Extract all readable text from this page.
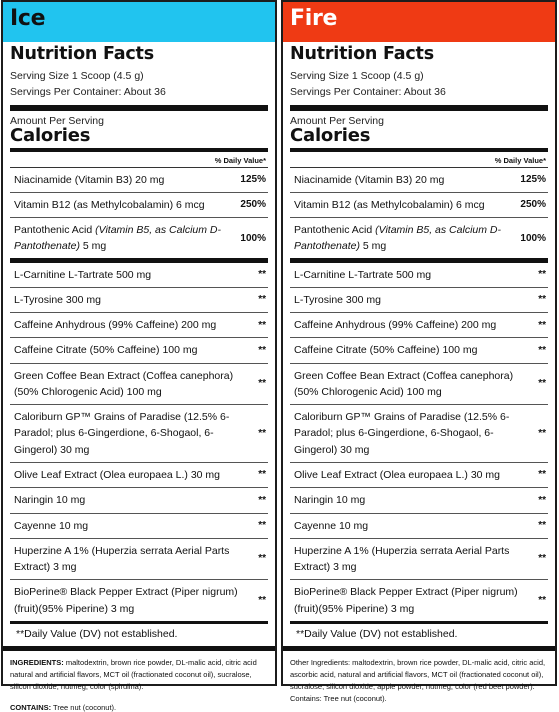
Ice
Nutrition Facts
Serving Size 1 Scoop (4.5 g)
Servings Per Container: About 36
Amount Per Serving
Calories
% Daily Value*
Niacinamide (Vitamin B3) 20 mg	125%
Vitamin B12 (as Methylcobalamin) 6 mcg	250%
Pantothenic Acid (Vitamin B5, as Calcium D-Pantothenate) 5 mg
100%
L-Carnitine L-Tartrate 500 mg	**
L-Tyrosine 300 mg	**
Caffeine Anhydrous (99% Caffeine) 200 mg	**
Caffeine Citrate (50% Caffeine) 100 mg	**
Green Coffee Bean Extract (Coffea canephora) (50% Chlorogenic Acid) 100 mg
**
Caloriburn GP™ Grains of Paradise (12.5% 6-Paradol; plus 6-Gingerdione, 6-Shogaol, 6-Gingerol) 30 mg
**
Olive Leaf Extract (Olea europaea L.) 30 mg	**
Naringin 10 mg	**
Cayenne 10 mg	**
Huperzine A 1% (Huperzia serrata Aerial Parts Extract) 3 mg
**
BioPerine® Black Pepper Extract (Piper nigrum)(fruit)(95% Piperine) 3 mg
**
**Daily Value (DV) not established.
INGREDIENTS: maltodextrin, brown rice powder, DL-malic acid, citric acid natural and artificial flavors, MCT oil (fractionated coconut oil), sucralose, silicon dioxide, nutmeg, color (spirulina).
CONTAINS: Tree nut (coconut).
Fire
Nutrition Facts
Serving Size 1 Scoop (4.5 g)
Servings Per Container: About 36
Amount Per Serving
Calories
% Daily Value*
Niacinamide (Vitamin B3) 20 mg	125%
Vitamin B12 (as Methylcobalamin) 6 mcg	250%
Pantothenic Acid (Vitamin B5, as Calcium D-Pantothenate) 5 mg
100%
L-Carnitine L-Tartrate 500 mg	**
L-Tyrosine 300 mg	**
Caffeine Anhydrous (99% Caffeine) 200 mg	**
Caffeine Citrate (50% Caffeine) 100 mg	**
Green Coffee Bean Extract (Coffea canephora) (50% Chlorogenic Acid) 100 mg
**
Caloriburn GP™ Grains of Paradise (12.5% 6-Paradol; plus 6-Gingerdione, 6-Shogaol, 6-Gingerol) 30 mg
**
Olive Leaf Extract (Olea europaea L.) 30 mg	**
Naringin 10 mg	**
Cayenne 10 mg	**
Huperzine A 1% (Huperzia serrata Aerial Parts Extract) 3 mg
**
BioPerine® Black Pepper Extract (Piper nigrum)(fruit)(95% Piperine) 3 mg
**
**Daily Value (DV) not established.
Other Ingredients: maltodextrin, brown rice powder, DL-malic acid, citric acid, ascorbic acid, natural and artificial flavors, MCT oil (fractionated coconut oil), sucralose, silicon dioxide, apple powder, nutmeg, color (red beet powder). Contains: Tree nut (coconut).
